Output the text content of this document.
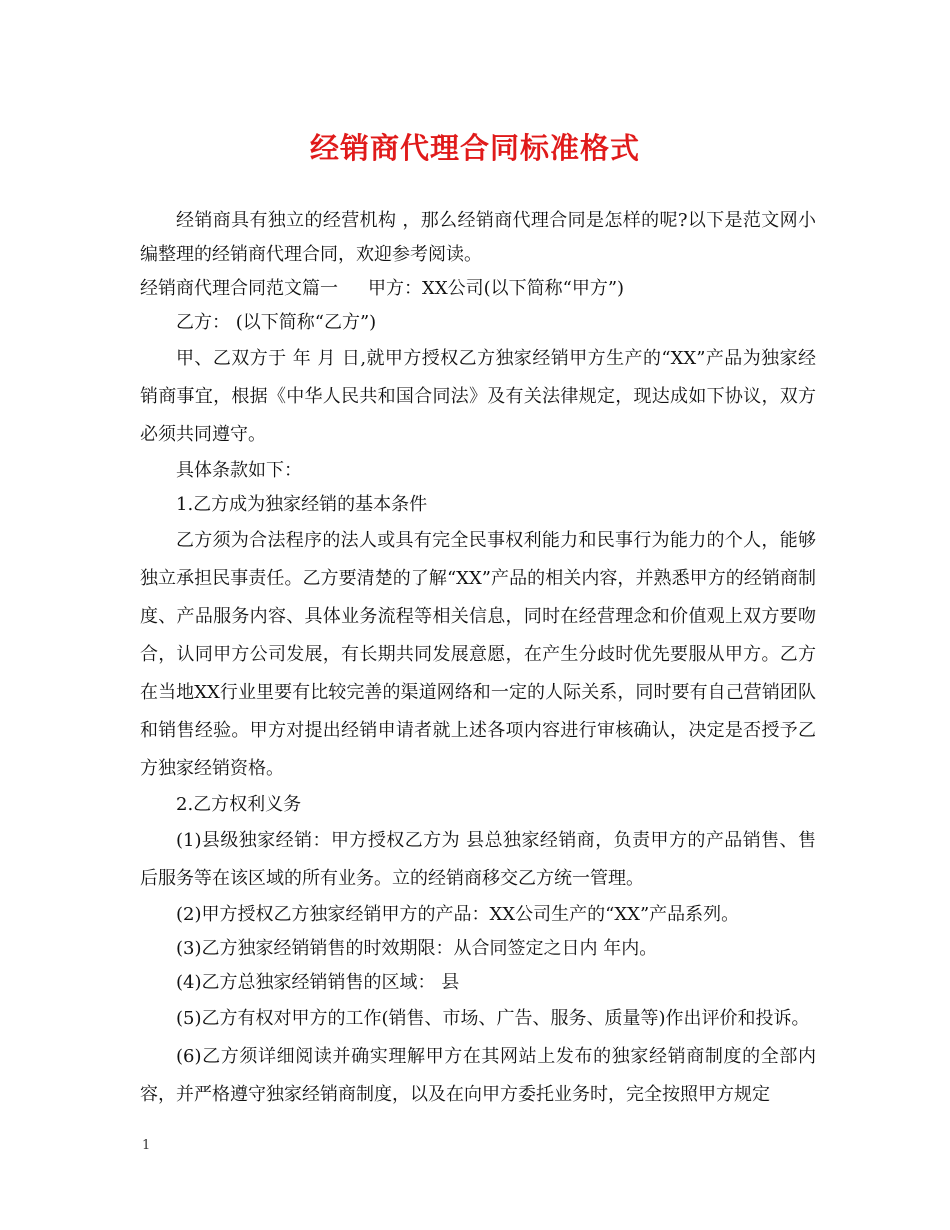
经销商代理合同标准格式

经销商具有独立的经营机构 ，那么经销商代理合同是怎样的呢?以下是范文网小编整理的经销商代理合同，欢迎参考阅读。

经销商代理合同范文篇一 甲方：XX公司(以下简称“甲方”)

乙方： (以下简称“乙方”)

甲、乙双方于 年 月 日,就甲方授权乙方独家经销甲方生产的“XX”产品为独家经销商事宜，根据《中华人民共和国合同法》及有关法律规定，现达成如下协议，双方必须共同遵守。

具体条款如下：

1.乙方成为独家经销的基本条件

乙方须为合法程序的法人或具有完全民事权利能力和民事行为能力的个人，能够独立承担民事责任。乙方要清楚的了解“XX”产品的相关内容，并熟悉甲方的经销商制度、产品服务内容、具体业务流程等相关信息，同时在经营理念和价值观上双方要吻合，认同甲方公司发展，有长期共同发展意愿，在产生分歧时优先要服从甲方。乙方在当地XX行业里要有比较完善的渠道网络和一定的人际关系，同时要有自己营销团队和销售经验。甲方对提出经销申请者就上述各项内容进行审核确认，决定是否授予乙方独家经销资格。

2.乙方权利义务

(1)县级独家经销：甲方授权乙方为 县总独家经销商，负责甲方的产品销售、售后服务等在该区域的所有业务。立的经销商移交乙方统一管理。

(2)甲方授权乙方独家经销甲方的产品：XX公司生产的“XX”产品系列。

(3)乙方独家经销销售的时效期限：从合同签定之日内 年内。

(4)乙方总独家经销销售的区域： 县

(5)乙方有权对甲方的工作(销售、市场、广告、服务、质量等)作出评价和投诉。

(6)乙方须详细阅读并确实理解甲方在其网站上发布的独家经销商制度的全部内容，并严格遵守独家经销商制度，以及在向甲方委托业务时，完全按照甲方规定

1
